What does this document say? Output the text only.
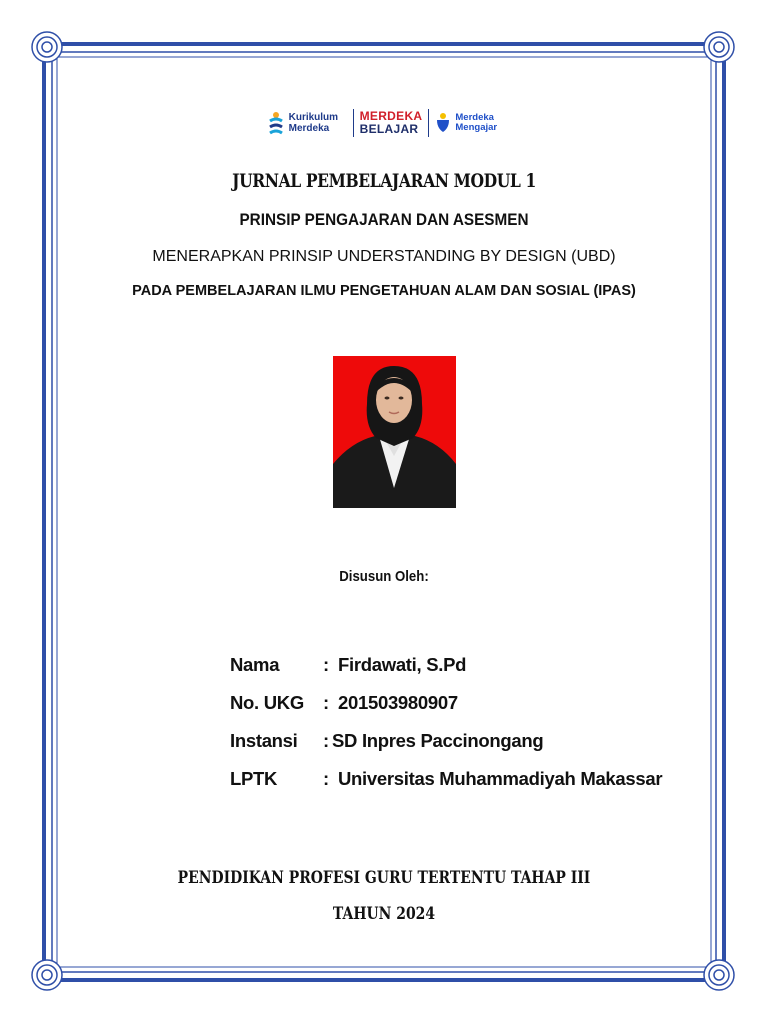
Kurikulum Merdeka
MERDEKA
BELAJAR
Merdeka Mengajar
JURNAL PEMBELAJARAN MODUL 1
PRINSIP PENGAJARAN DAN ASESMEN
MENERAPKAN PRINSIP UNDERSTANDING BY DESIGN (UBD)
PADA PEMBELAJARAN ILMU PENGETAHUAN ALAM DAN SOSIAL (IPAS)
Disusun Oleh:
Nama	: Firdawati, S.Pd
No. UKG	: 201503980907
Instansi	: SD Inpres Paccinongang
LPTK	: Universitas Muhammadiyah Makassar
PENDIDIKAN PROFESI GURU TERTENTU TAHAP III
TAHUN 2024
